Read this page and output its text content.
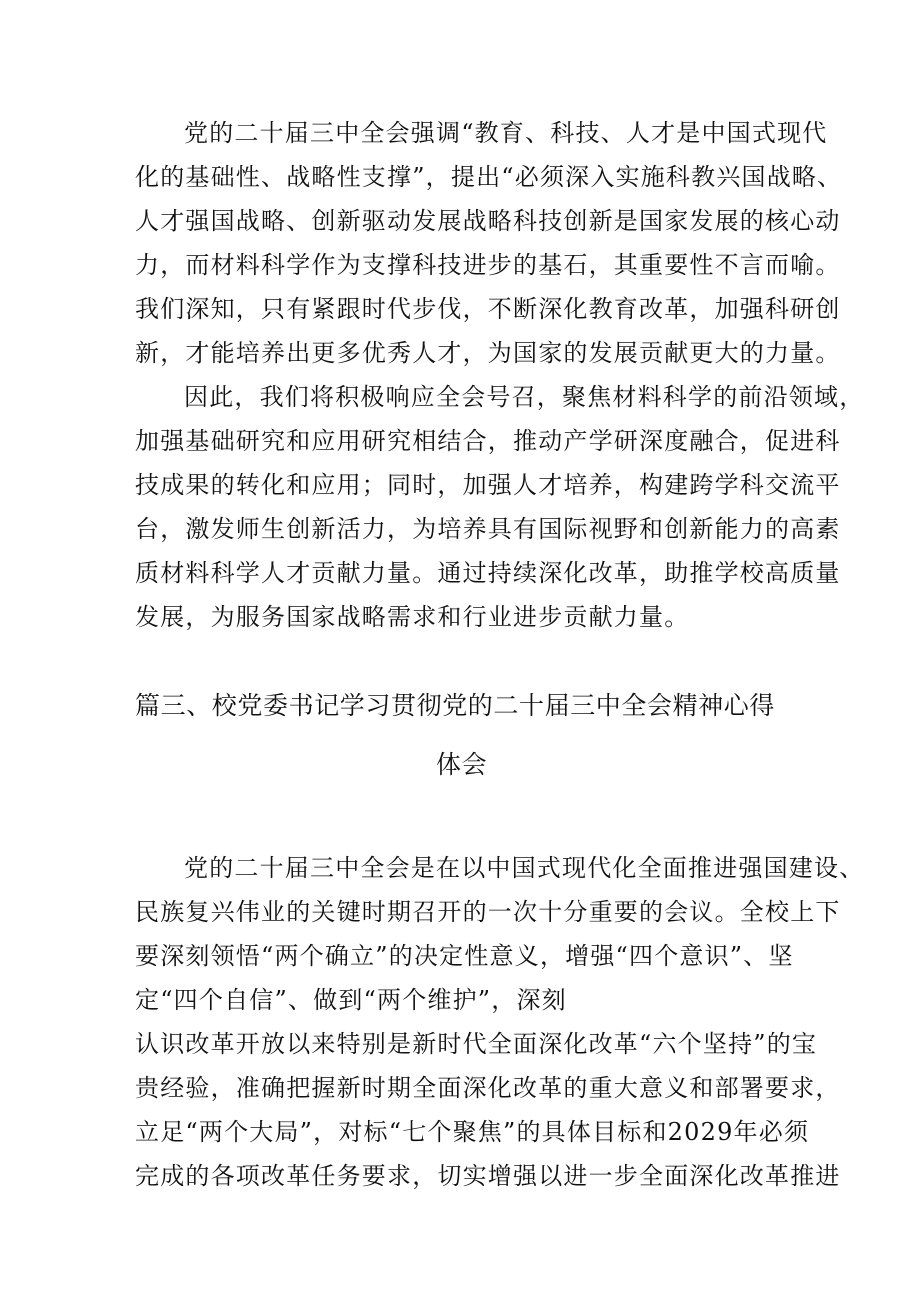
党的二十届三中全会强调“教育、科技、人才是中国式现代
化的基础性、战略性支撑”，提出“必须深入实施科教兴国战略、
人才强国战略、创新驱动发展战略科技创新是国家发展的核心动
力，而材料科学作为支撑科技进步的基石，其重要性不言而喻。
我们深知，只有紧跟时代步伐，不断深化教育改革，加强科研创
新，才能培养出更多优秀人才，为国家的发展贡献更大的力量。
因此，我们将积极响应全会号召，聚焦材料科学的前沿领域，
加强基础研究和应用研究相结合，推动产学研深度融合，促进科
技成果的转化和应用；同时，加强人才培养，构建跨学科交流平
台，激发师生创新活力，为培养具有国际视野和创新能力的高素
质材料科学人才贡献力量。通过持续深化改革，助推学校高质量
发展，为服务国家战略需求和行业进步贡献力量。
篇三、校党委书记学习贯彻党的二十届三中全会精神心得
体会
党的二十届三中全会是在以中国式现代化全面推进强国建设、
民族复兴伟业的关键时期召开的一次十分重要的会议。全校上下
要深刻领悟“两个确立”的决定性意义，增强“四个意识”、坚
定“四个自信”、做到“两个维护”，深刻
认识改革开放以来特别是新时代全面深化改革“六个坚持”的宝
贵经验，准确把握新时期全面深化改革的重大意义和部署要求，
立足“两个大局”，对标“七个聚焦”的具体目标和2029年必须
完成的各项改革任务要求，切实增强以进一步全面深化改革推进
